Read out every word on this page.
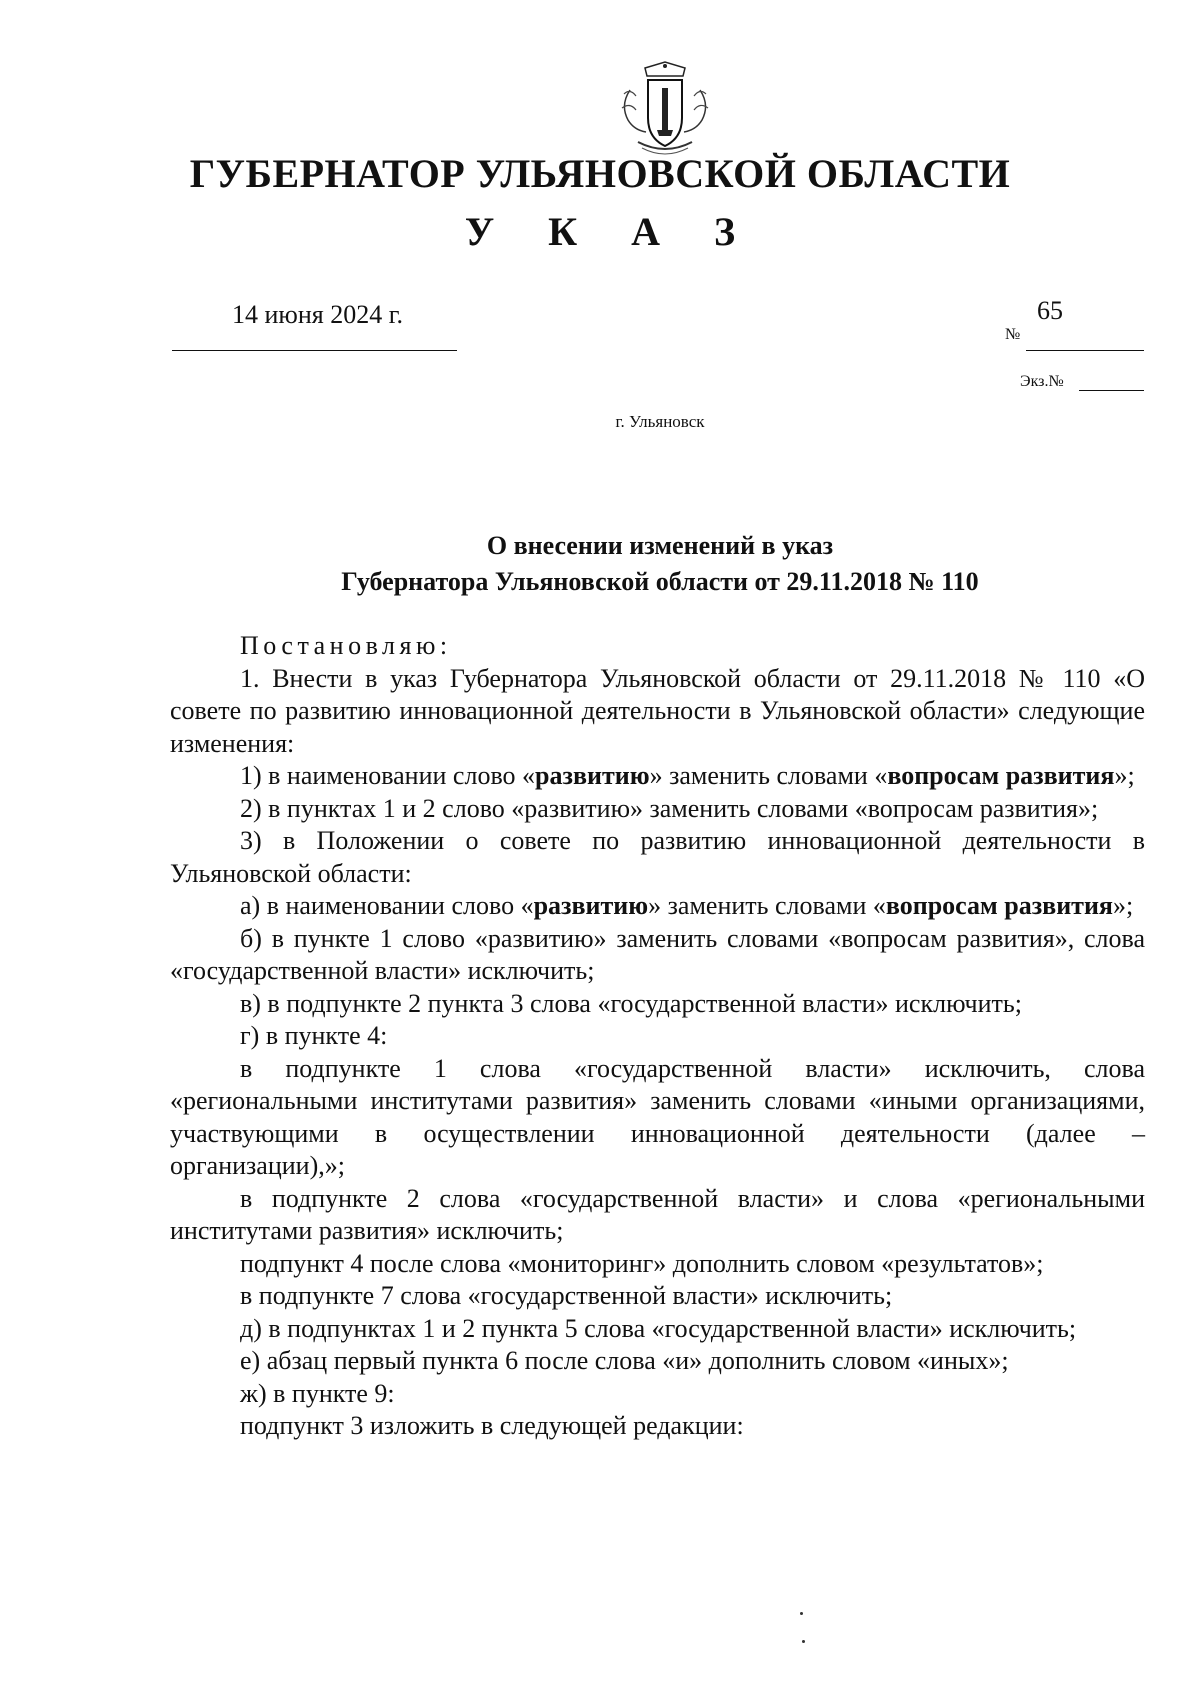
ГУБЕРНАТОР УЛЬЯНОВСКОЙ ОБЛАСТИ
У К А З
14 июня 2024 г.
№
65
Экз.№
г. Ульяновск
О внесении изменений в указ
Губернатора Ульяновской области от 29.11.2018 № 110

Постановляю:

1. Внести в указ Губернатора Ульяновской области от 29.11.2018 № 110 «О совете по развитию инновационной деятельности в Ульяновской области» следующие изменения:

1) в наименовании слово «развитию» заменить словами «вопросам развития»;

2) в пунктах 1 и 2 слово «развитию» заменить словами «вопросам развития»;

3) в Положении о совете по развитию инновационной деятельности в Ульяновской области:

а) в наименовании слово «развитию» заменить словами «вопросам развития»;

б) в пункте 1 слово «развитию» заменить словами «вопросам развития», слова «государственной власти» исключить;

в) в подпункте 2 пункта 3 слова «государственной власти» исключить;

г) в пункте 4:

в подпункте 1 слова «государственной власти» исключить, слова «региональными институтами развития» заменить словами «иными организациями, участвующими в осуществлении инновационной деятельности (далее – организации),»;

в подпункте 2 слова «государственной власти» и слова «региональными институтами развития» исключить;

подпункт 4 после слова «мониторинг» дополнить словом «результатов»;

в подпункте 7 слова «государственной власти» исключить;

д) в подпунктах 1 и 2 пункта 5 слова «государственной власти» исключить;

е) абзац первый пункта 6 после слова «и» дополнить словом «иных»;

ж) в пункте 9:

подпункт 3 изложить в следующей редакции:
